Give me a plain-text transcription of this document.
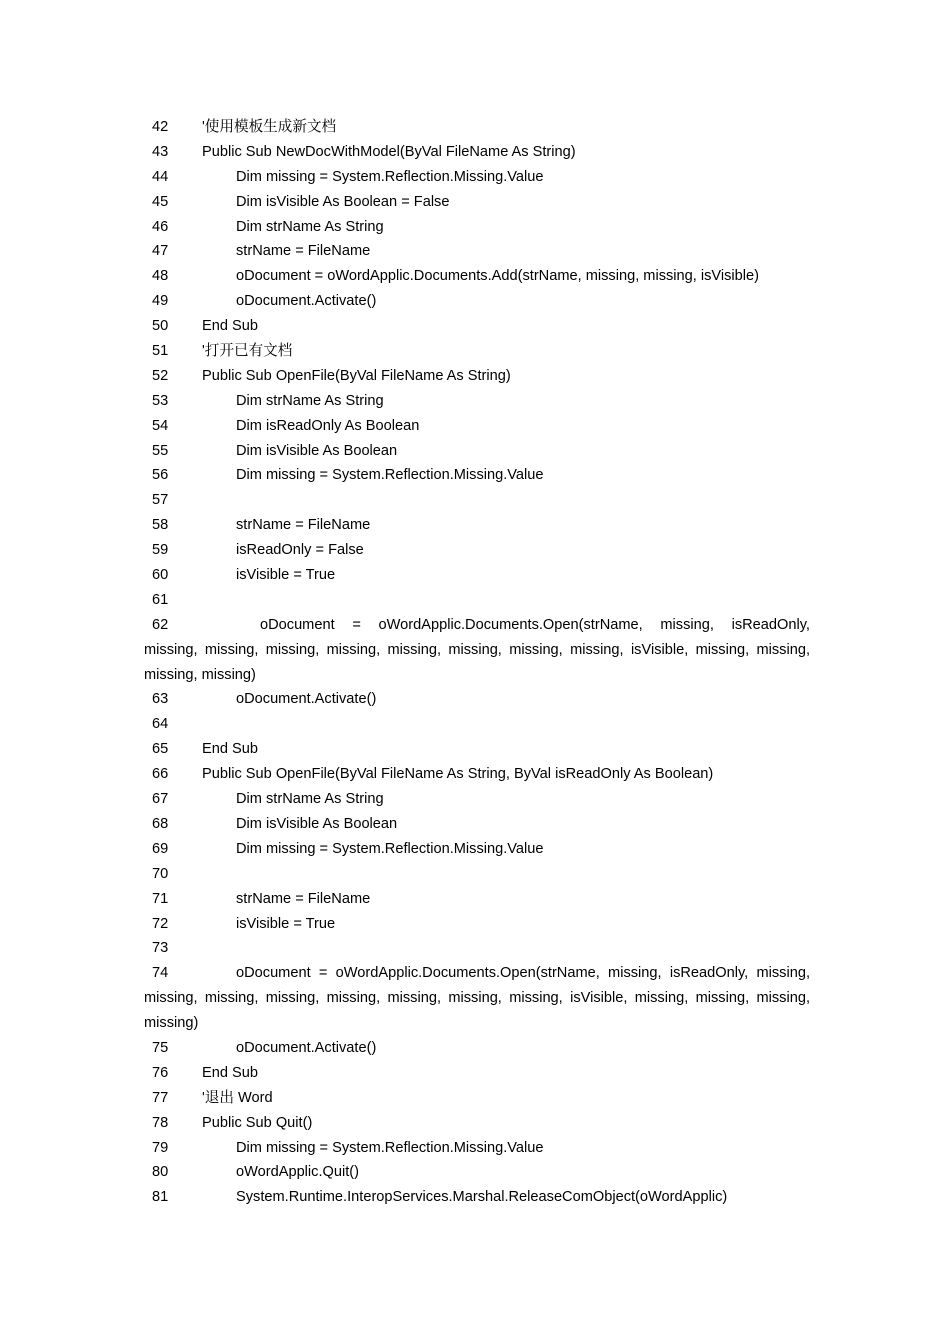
42	'使用模板生成新文档
43	Public Sub NewDocWithModel(ByVal FileName As String)
44	Dim missing = System.Reflection.Missing.Value
45	Dim isVisible As Boolean = False
46	Dim strName As String
47	strName = FileName
48	oDocument = oWordApplic.Documents.Add(strName, missing, missing, isVisible)
49	oDocument.Activate()
50	End Sub
51	'打开已有文档
52	Public Sub OpenFile(ByVal FileName As String)
53	Dim strName As String
54	Dim isReadOnly As Boolean
55	Dim isVisible As Boolean
56	Dim missing = System.Reflection.Missing.Value
57
58	strName = FileName
59	isReadOnly = False
60	isVisible = True
61
62	oDocument = oWordApplic.Documents.Open(strName, missing, isReadOnly,
missing, missing, missing, missing, missing, missing, missing, missing, isVisible, missing, missing,
missing, missing)
63	oDocument.Activate()
64
65	End Sub
66	Public Sub OpenFile(ByVal FileName As String, ByVal isReadOnly As Boolean)
67	Dim strName As String
68	Dim isVisible As Boolean
69	Dim missing = System.Reflection.Missing.Value
70
71	strName = FileName
72	isVisible = True
73
74	oDocument = oWordApplic.Documents.Open(strName, missing, isReadOnly, missing,
missing, missing, missing, missing, missing, missing, missing, isVisible, missing, missing, missing,
missing)
75	oDocument.Activate()
76	End Sub
77	'退出 Word
78	Public Sub Quit()
79	Dim missing = System.Reflection.Missing.Value
80	oWordApplic.Quit()
81	System.Runtime.InteropServices.Marshal.ReleaseComObject(oWordApplic)
